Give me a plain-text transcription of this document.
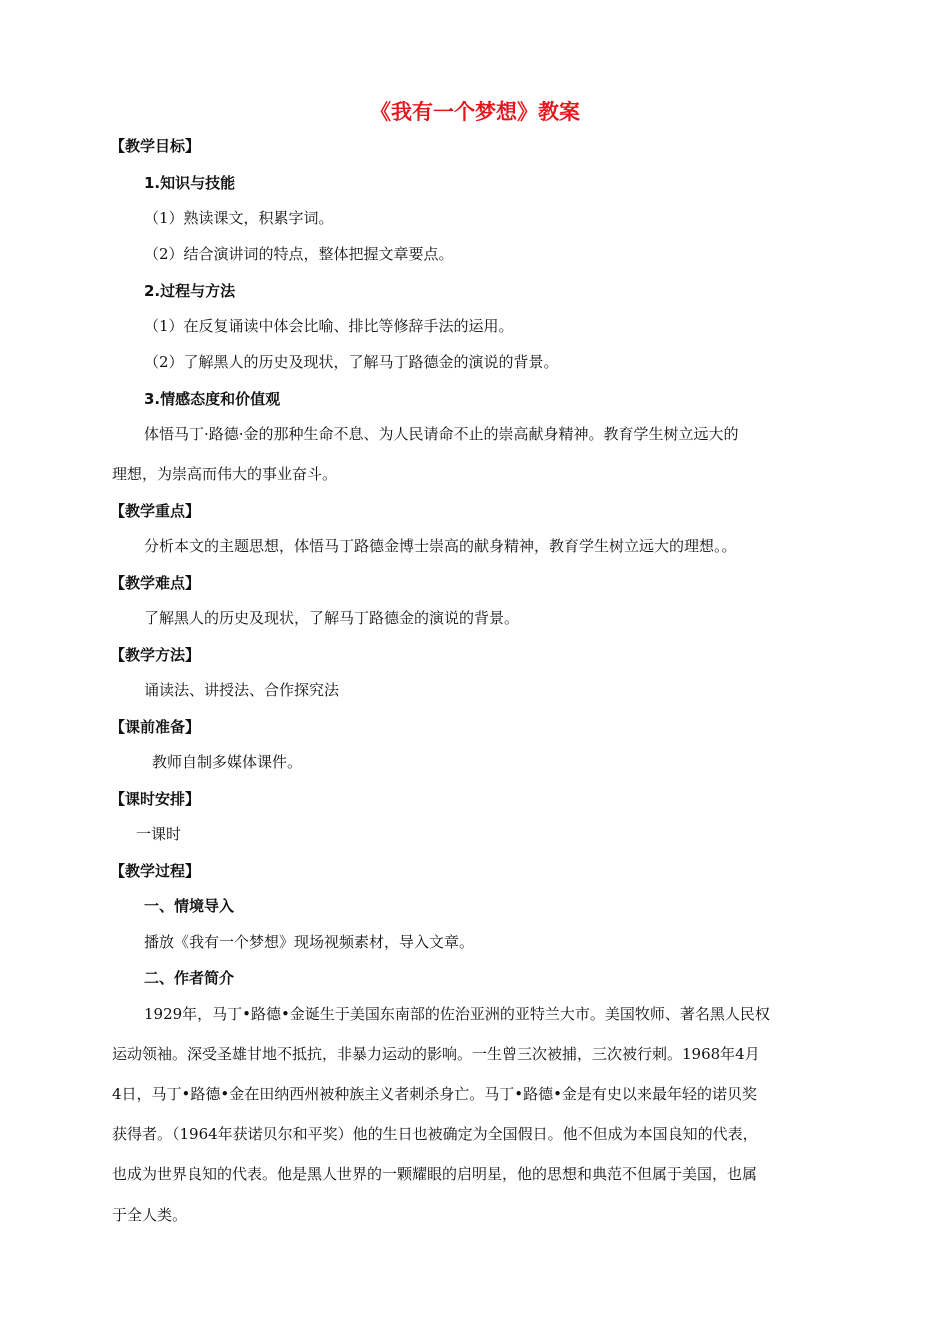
《我有一个梦想》教案
【教学目标】
1.知识与技能
（1）熟读课文，积累字词。
（2）结合演讲词的特点，整体把握文章要点。
2.过程与方法
（1）在反复诵读中体会比喻、排比等修辞手法的运用。
（2）了解黑人的历史及现状，了解马丁路德金的演说的背景。
3.情感态度和价值观
体悟马丁·路德·金的那种生命不息、为人民请命不止的崇高献身精神。教育学生树立远大的
理想，为崇高而伟大的事业奋斗。
【教学重点】
分析本文的主题思想，体悟马丁路德金博士崇高的献身精神，教育学生树立远大的理想。。
【教学难点】
了解黑人的历史及现状，了解马丁路德金的演说的背景。
【教学方法】
诵读法、讲授法、合作探究法
【课前准备】
教师自制多媒体课件。
【课时安排】
一课时
【教学过程】
一、情境导入
播放《我有一个梦想》现场视频素材，导入文章。
二、作者简介
1929年，马丁•路德•金诞生于美国东南部的佐治亚洲的亚特兰大市。美国牧师、著名黑人民权
运动领袖。深受圣雄甘地不抵抗，非暴力运动的影响。一生曾三次被捕，三次被行刺。1968年4月
4日，马丁•路德•金在田纳西州被种族主义者刺杀身亡。马丁•路德•金是有史以来最年轻的诺贝奖
获得者。（1964年获诺贝尔和平奖）他的生日也被确定为全国假日。他不但成为本国良知的代表，
也成为世界良知的代表。他是黑人世界的一颗耀眼的启明星，他的思想和典范不但属于美国，也属
于全人类。
